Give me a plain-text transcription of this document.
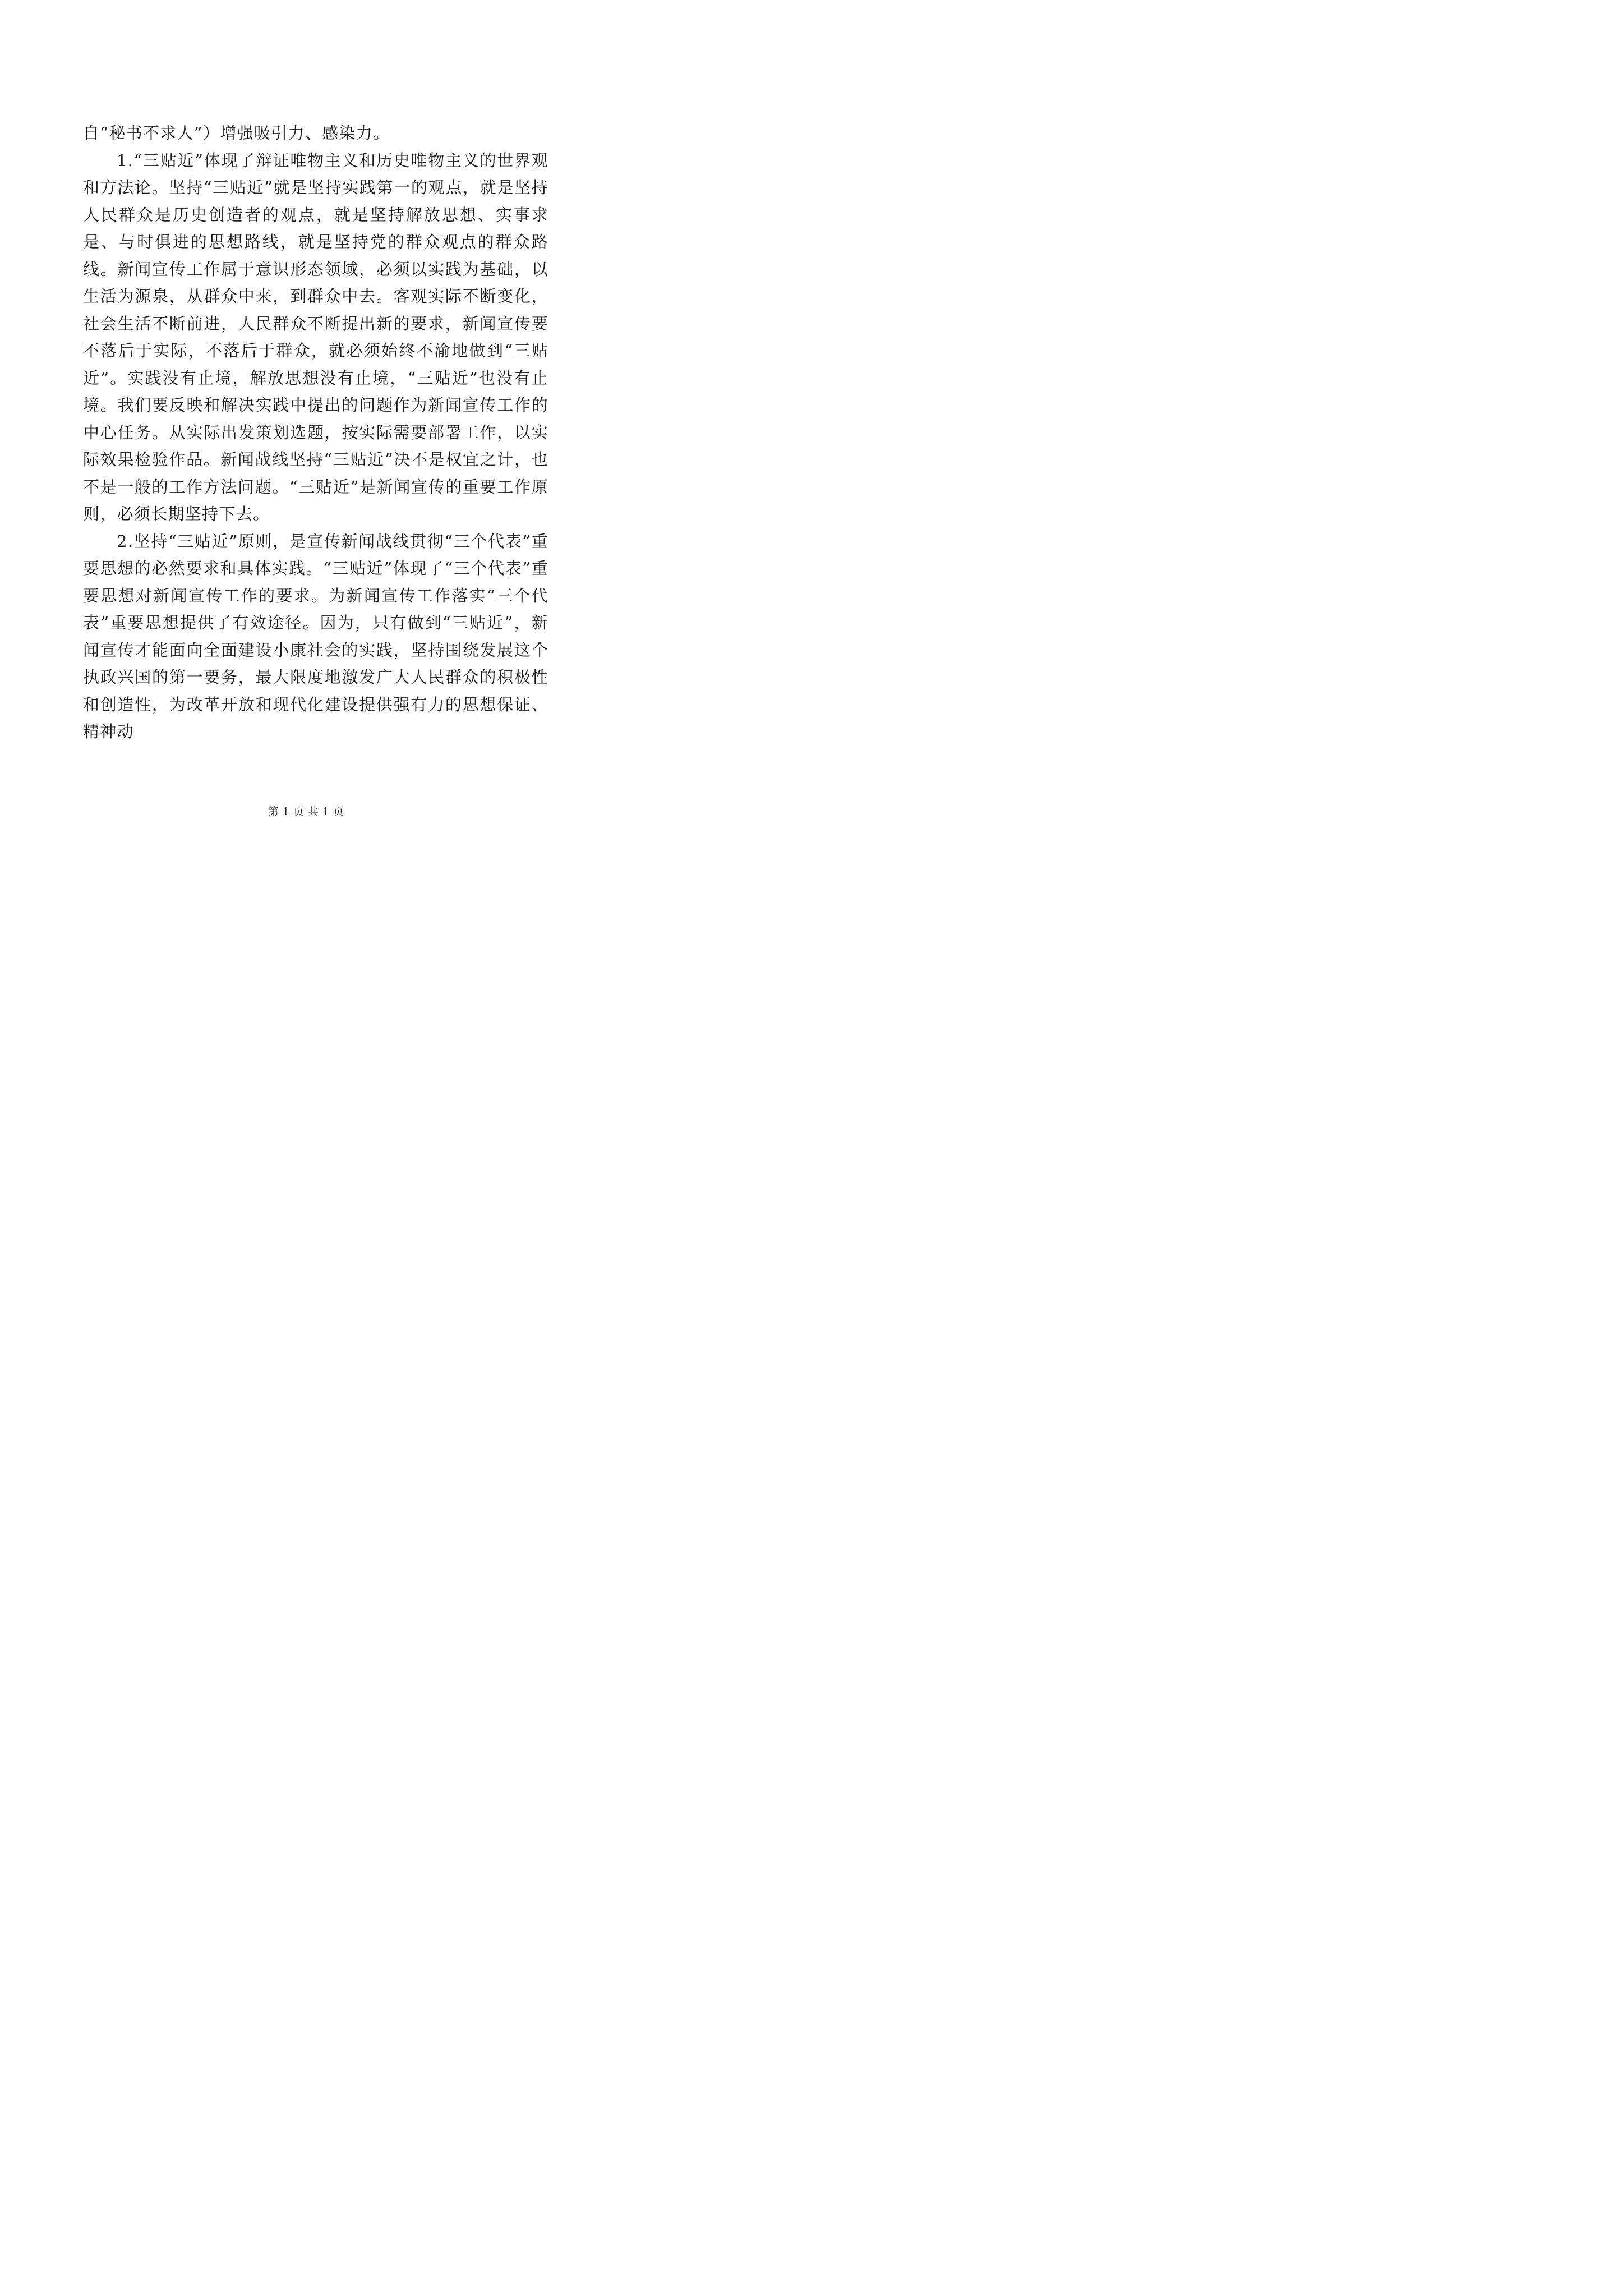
自“秘书不求人”）增强吸引力、感染力。

1.“三贴近”体现了辩证唯物主义和历史唯物主义的世界观和方法论。坚持“三贴近”就是坚持实践第一的观点，就是坚持人民群众是历史创造者的观点，就是坚持解放思想、实事求是、与时俱进的思想路线，就是坚持党的群众观点的群众路线。新闻宣传工作属于意识形态领域，必须以实践为基础，以生活为源泉，从群众中来，到群众中去。客观实际不断变化，社会生活不断前进，人民群众不断提出新的要求，新闻宣传要不落后于实际，不落后于群众，就必须始终不渝地做到“三贴近”。实践没有止境，解放思想没有止境，“三贴近”也没有止境。我们要反映和解决实践中提出的问题作为新闻宣传工作的中心任务。从实际出发策划选题，按实际需要部署工作，以实际效果检验作品。新闻战线坚持“三贴近”决不是权宜之计，也不是一般的工作方法问题。“三贴近”是新闻宣传的重要工作原则，必须长期坚持下去。

2.坚持“三贴近”原则，是宣传新闻战线贯彻“三个代表”重要思想的必然要求和具体实践。“三贴近”体现了“三个代表”重要思想对新闻宣传工作的要求。为新闻宣传工作落实“三个代表”重要思想提供了有效途径。因为，只有做到“三贴近”，新闻宣传才能面向全面建设小康社会的实践，坚持围绕发展这个执政兴国的第一要务，最大限度地激发广大人民群众的积极性和创造性，为改革开放和现代化建设提供强有力的思想保证、精神动

第 1 页 共 1 页
